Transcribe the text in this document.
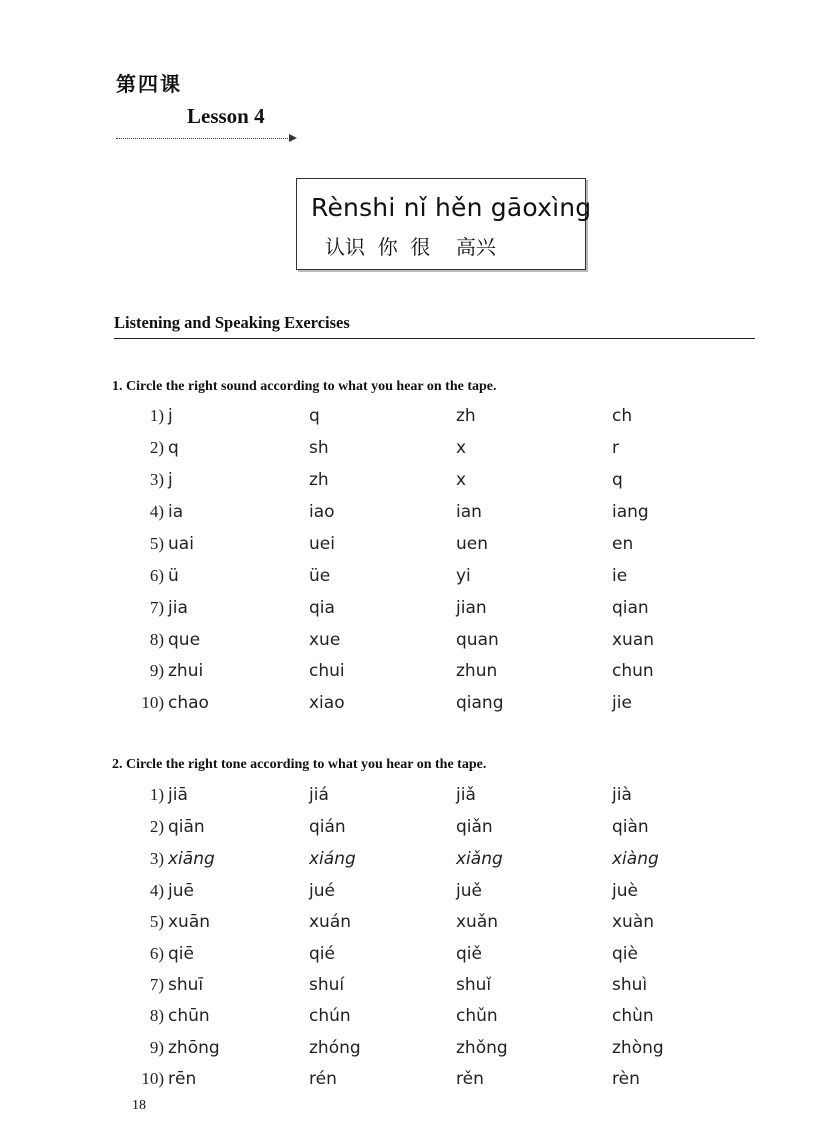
第四课
Lesson 4
Rènshi nǐ hěn gāoxìng
认识  你  很    高兴
Listening and Speaking Exercises
1. Circle the right sound according to what you hear on the tape.
1) j	q	zh	ch
2) q	sh	x	r
3) j	zh	x	q
4) ia	iao	ian	iang
5) uai	uei	uen	en
6) ü	üe	yi	ie
7) jia	qia	jian	qian
8) que	xue	quan	xuan
9) zhui	chui	zhun	chun
10) chao	xiao	qiang	jie
2. Circle the right tone according to what you hear on the tape.
1) jiā	jiá	jiǎ	jià
2) qiān	qián	qiǎn	qiàn
3) xiāng	xiáng	xiǎng	xiàng
4) juē	jué	juě	juè
5) xuān	xuán	xuǎn	xuàn
6) qiē	qié	qiě	qiè
7) shuī	shuí	shuǐ	shuì
8) chūn	chún	chǔn	chùn
9) zhōng	zhóng	zhǒng	zhòng
10) rēn	rén	rěn	rèn
18
